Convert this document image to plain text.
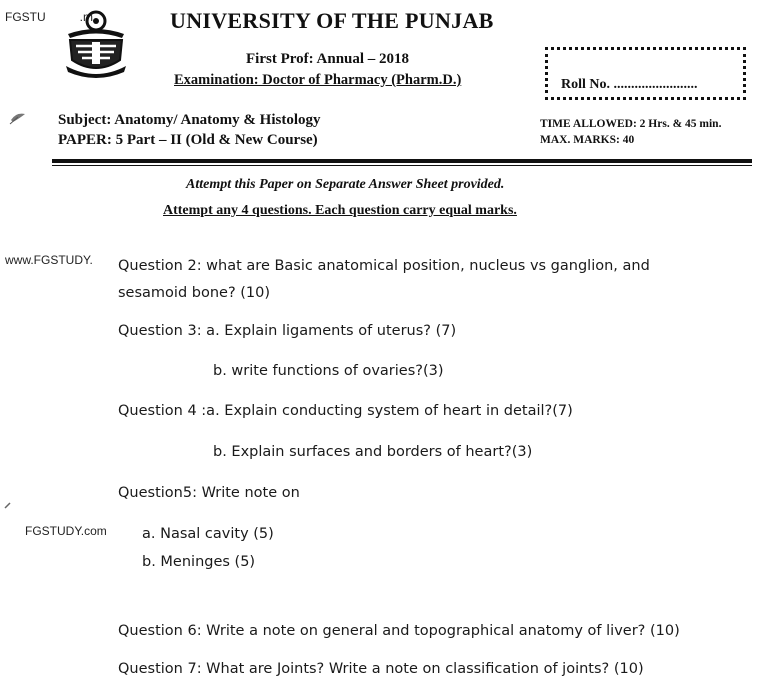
FGSTU	.m
www.FGSTUDY.
FGSTUDY.com
UNIVERSITY OF THE PUNJAB
First Prof: Annual – 2018
Examination: Doctor of Pharmacy (Pharm.D.)	Roll No. ........................
Subject: Anatomy/ Anatomy & Histology
PAPER: 5 Part – II (Old & New Course)
TIME ALLOWED: 2 Hrs. & 45 min.
MAX. MARKS: 40
Attempt this Paper on Separate Answer Sheet provided.
Attempt any 4 questions. Each question carry equal marks.
Question 2: what are Basic anatomical position, nucleus vs ganglion, and
sesamoid bone? (10)
Question 3: a. Explain ligaments of uterus? (7)
b. write functions of ovaries?(3)
Question 4 :a. Explain conducting system of heart in detail?(7)
b. Explain surfaces and borders of heart?(3)
Question5: Write note on
a. Nasal cavity (5)
b. Meninges (5)
Question 6: Write a note on general and topographical anatomy of liver? (10)
Question 7: What are Joints? Write a note on classification of joints? (10)
